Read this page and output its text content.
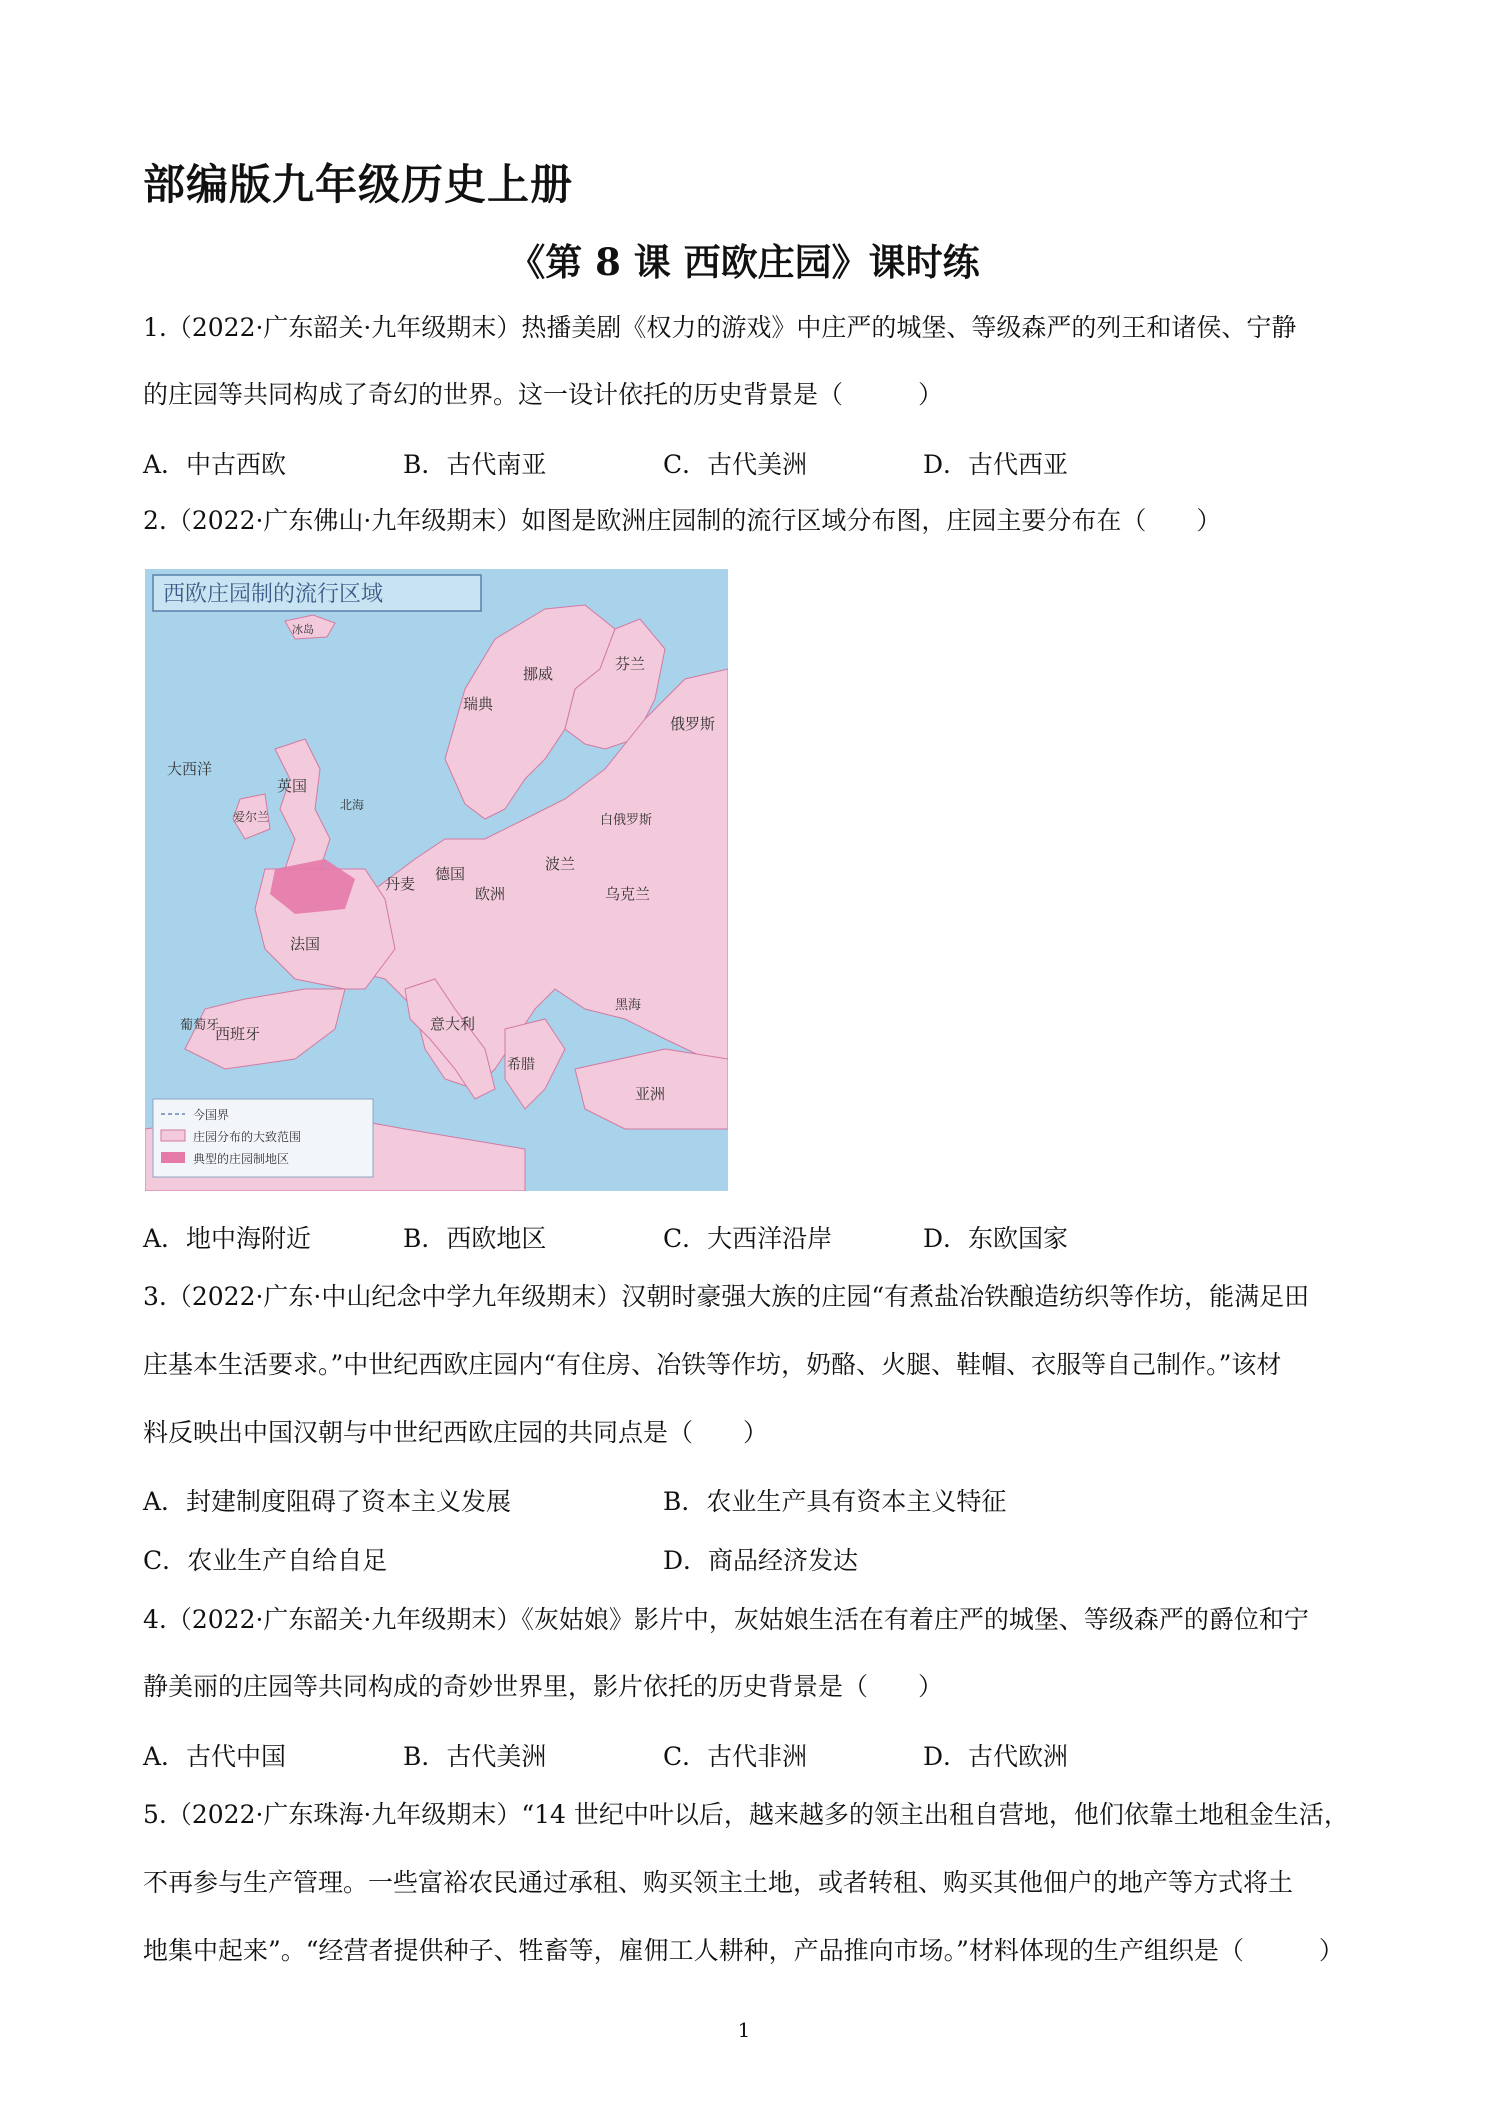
部编版九年级历史上册
《第 8 课 西欧庄园》课时练
1.（2022·广东韶关·九年级期末）热播美剧《权力的游戏》中庄严的城堡、等级森严的列王和诸侯、宁静
的庄园等共同构成了奇幻的世界。这一设计依托的历史背景是（　　　）
A．中古西欧	B．古代南亚	C．古代美洲	D．古代西亚
2.（2022·广东佛山·九年级期末）如图是欧洲庄园制的流行区域分布图，庄园主要分布在（　　）
西欧庄园制的流行区域
冰岛
挪威
瑞典
芬兰
俄罗斯
白俄罗斯
波兰
乌克兰
丹麦
德国
欧洲
英国
爱尔兰
法国
西班牙
葡萄牙	意大利
希腊
亚洲
大西洋
北海
黑海
今国界
庄园分布的大致范围
典型的庄园制地区
A．地中海附近	B．西欧地区	C．大西洋沿岸	D．东欧国家
3.（2022·广东·中山纪念中学九年级期末）汉朝时豪强大族的庄园“有煮盐冶铁酿造纺织等作坊，能满足田
庄基本生活要求。”中世纪西欧庄园内“有住房、冶铁等作坊，奶酪、火腿、鞋帽、衣服等自己制作。”该材
料反映出中国汉朝与中世纪西欧庄园的共同点是（　　）
A．封建制度阻碍了资本主义发展	B．农业生产具有资本主义特征
C．农业生产自给自足	D．商品经济发达
4.（2022·广东韶关·九年级期末）《灰姑娘》影片中，灰姑娘生活在有着庄严的城堡、等级森严的爵位和宁
静美丽的庄园等共同构成的奇妙世界里，影片依托的历史背景是（　　）
A．古代中国	B．古代美洲	C．古代非洲	D．古代欧洲
5.（2022·广东珠海·九年级期末）“14 世纪中叶以后，越来越多的领主出租自营地，他们依靠土地租金生活，
不再参与生产管理。一些富裕农民通过承租、购买领主土地，或者转租、购买其他佃户的地产等方式将土
地集中起来”。“经营者提供种子、牲畜等，雇佣工人耕种，产品推向市场。”材料体现的生产组织是（　　　）
1
